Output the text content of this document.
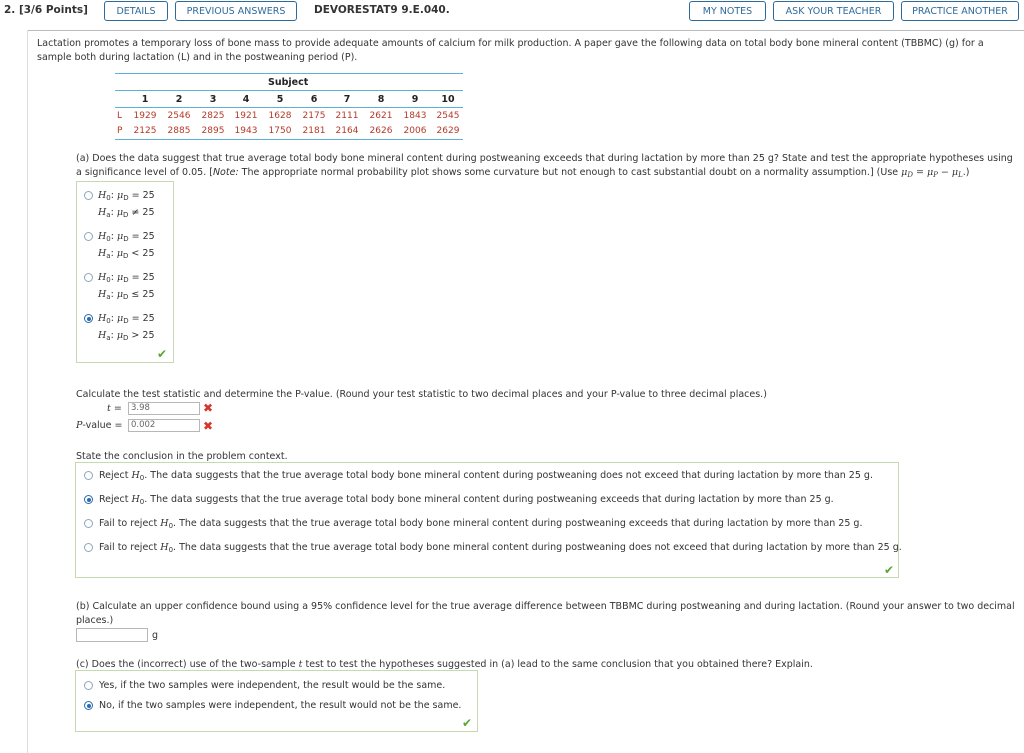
2. [3/6 Points]	DETAILS	PREVIOUS ANSWERS	DEVORESTAT9 9.E.040.	MY NOTES	ASK YOUR TEACHER	PRACTICE ANOTHER
Lactation promotes a temporary loss of bone mass to provide adequate amounts of calcium for milk production. A paper gave the following data on total body bone mineral content (TBBMC) (g) for a sample both during lactation (L) and in the postweaning period (P).
Subject
1	2	3	4	5	6	7	8	9	10
L	1929	2546	2825	1921	1628	2175	2111	2621	1843	2545
P	2125	2885	2895	1943	1750	2181	2164	2626	2006	2629
(a) Does the data suggest that true average total body bone mineral content during postweaning exceeds that during lactation by more than 25 g? State and test the appropriate hypotheses using a significance level of 0.05. [Note: The appropriate normal probability plot shows some curvature but not enough to cast substantial doubt on a normality assumption.] (Use $\mu_D = \mu_P - \mu_L$.)
$H_0$: $\mu_D = 25$
$H_a$: $\mu_D \ne 25$
$H_0$: $\mu_D = 25$
$H_a$: $\mu_D < 25$
$H_0$: $\mu_D = 25$
$H_a$: $\mu_D \le 25$
$H_0$: $\mu_D = 25$
$H_a$: $\mu_D > 25$
✔
Calculate the test statistic and determine the P-value. (Round your test statistic to two decimal places and your P-value to three decimal places.)
t =	3.98	✖
P-value = 0.002	✖
State the conclusion in the problem context.
Reject $H_0$. The data suggests that the true average total body bone mineral content during postweaning does not exceed that during lactation by more than 25 g.
Reject $H_0$. The data suggests that the true average total body bone mineral content during postweaning exceeds that during lactation by more than 25 g.
Fail to reject $H_0$. The data suggests that the true average total body bone mineral content during postweaning exceeds that during lactation by more than 25 g.
Fail to reject $H_0$. The data suggests that the true average total body bone mineral content during postweaning does not exceed that during lactation by more than 25 g.
✔
(b) Calculate an upper confidence bound using a 95% confidence level for the true average difference between TBBMC during postweaning and during lactation. (Round your answer to two decimal places.)
g
(c) Does the (incorrect) use of the two-sample t test to test the hypotheses suggested in (a) lead to the same conclusion that you obtained there? Explain.
Yes, if the two samples were independent, the result would be the same.
No, if the two samples were independent, the result would not be the same.
✔
